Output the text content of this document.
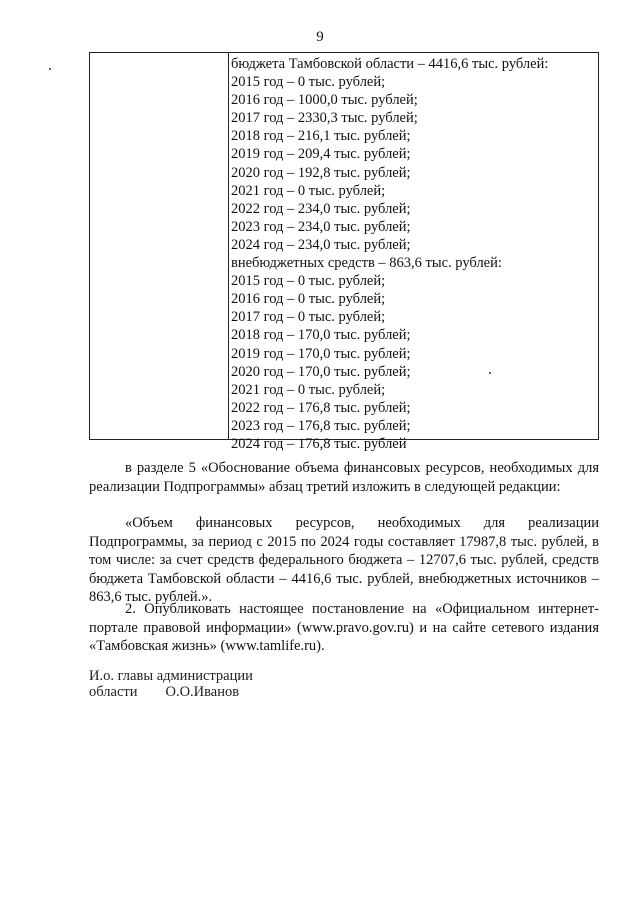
9
бюджета Тамбовской области – 4416,6 тыс. рублей:
2015 год – 0 тыс. рублей;
2016 год – 1000,0 тыс. рублей;
2017 год – 2330,3 тыс. рублей;
2018 год – 216,1 тыс. рублей;
2019 год – 209,4 тыс. рублей;
2020 год – 192,8 тыс. рублей;
2021 год – 0 тыс. рублей;
2022 год – 234,0 тыс. рублей;
2023 год – 234,0 тыс. рублей;
2024 год – 234,0 тыс. рублей;
внебюджетных средств – 863,6 тыс. рублей:
2015 год – 0 тыс. рублей;
2016 год – 0 тыс. рублей;
2017 год – 0 тыс. рублей;
2018 год – 170,0 тыс. рублей;
2019 год – 170,0 тыс. рублей;
2020 год – 170,0 тыс. рублей;
2021 год – 0 тыс. рублей;
2022 год – 176,8 тыс. рублей;
2023 год – 176,8 тыс. рублей;
2024 год – 176,8 тыс. рублей

в разделе 5 «Обоснование объема финансовых ресурсов, необходимых для реализации Подпрограммы» абзац третий изложить в следующей редакции:

«Объем финансовых ресурсов, необходимых для реализации Подпрограммы, за период с 2015 по 2024 годы составляет 17987,8 тыс. рублей, в том числе: за счет средств федерального бюджета – 12707,6 тыс. рублей, средств бюджета Тамбовской области – 4416,6 тыс. рублей, внебюджетных источников – 863,6 тыс. рублей.».

2. Опубликовать настоящее постановление на «Официальном интернет-портале правовой информации» (www.pravo.gov.ru) и на сайте сетевого издания «Тамбовская жизнь» (www.tamlife.ru).

И.о. главы администрации
области О.О.Иванов
